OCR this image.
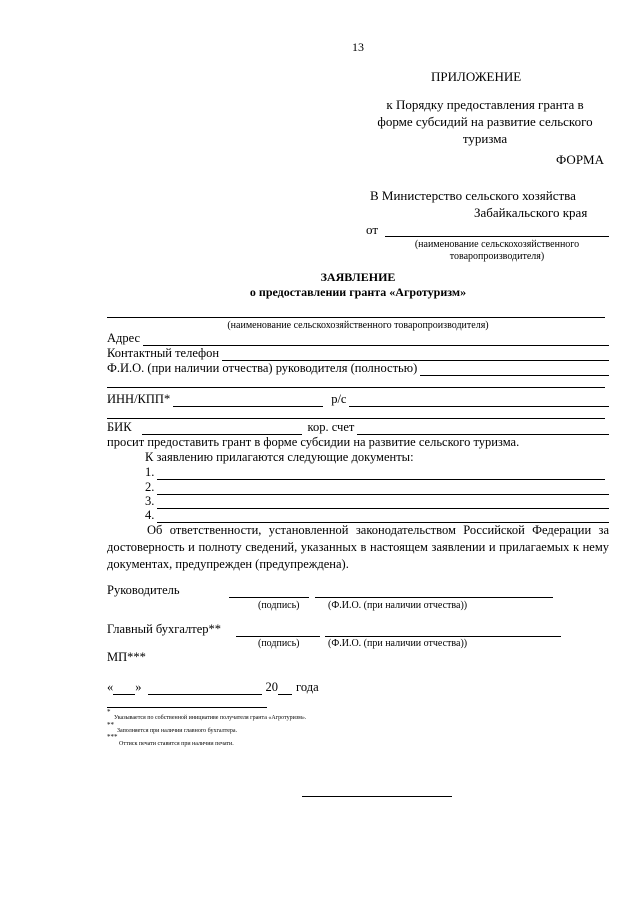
13
ПРИЛОЖЕНИЕ
к Порядку предоставления гранта в
форме субсидий на развитие сельского
туризма
ФОРМА
В Министерство сельского хозяйства
Забайкальского края
от
(наименование сельскохозяйственного
товаропроизводителя)
ЗАЯВЛЕНИЕ
о предоставлении гранта «Агротуризм»
(наименование сельскохозяйственного товаропроизводителя)
Адрес
Контактный телефон
Ф.И.О. (при наличии отчества) руководителя (полностью)
ИНН/КПП*	р/с
БИК	кор. счет
просит предоставить грант в форме субсидии на развитие сельского туризма.
К заявлению прилагаются следующие документы:
1.
2.
3.
4.
Об ответственности, установленной законодательством Российской Федерации за достоверность и полноту сведений, указанных в настоящем заявлении и прилагаемых к нему документах, предупрежден (предупреждена).
Руководитель
(подпись)	(Ф.И.О. (при наличии отчества))
Главный бухгалтер**
(подпись)	(Ф.И.О. (при наличии отчества))
МП***
« »	20 года
*
Указывается по собственной инициативе получателя гранта «Агротуризм».
**
Заполняется при наличии главного бухгалтера.
***
Оттиск печати ставится при наличии печати.
